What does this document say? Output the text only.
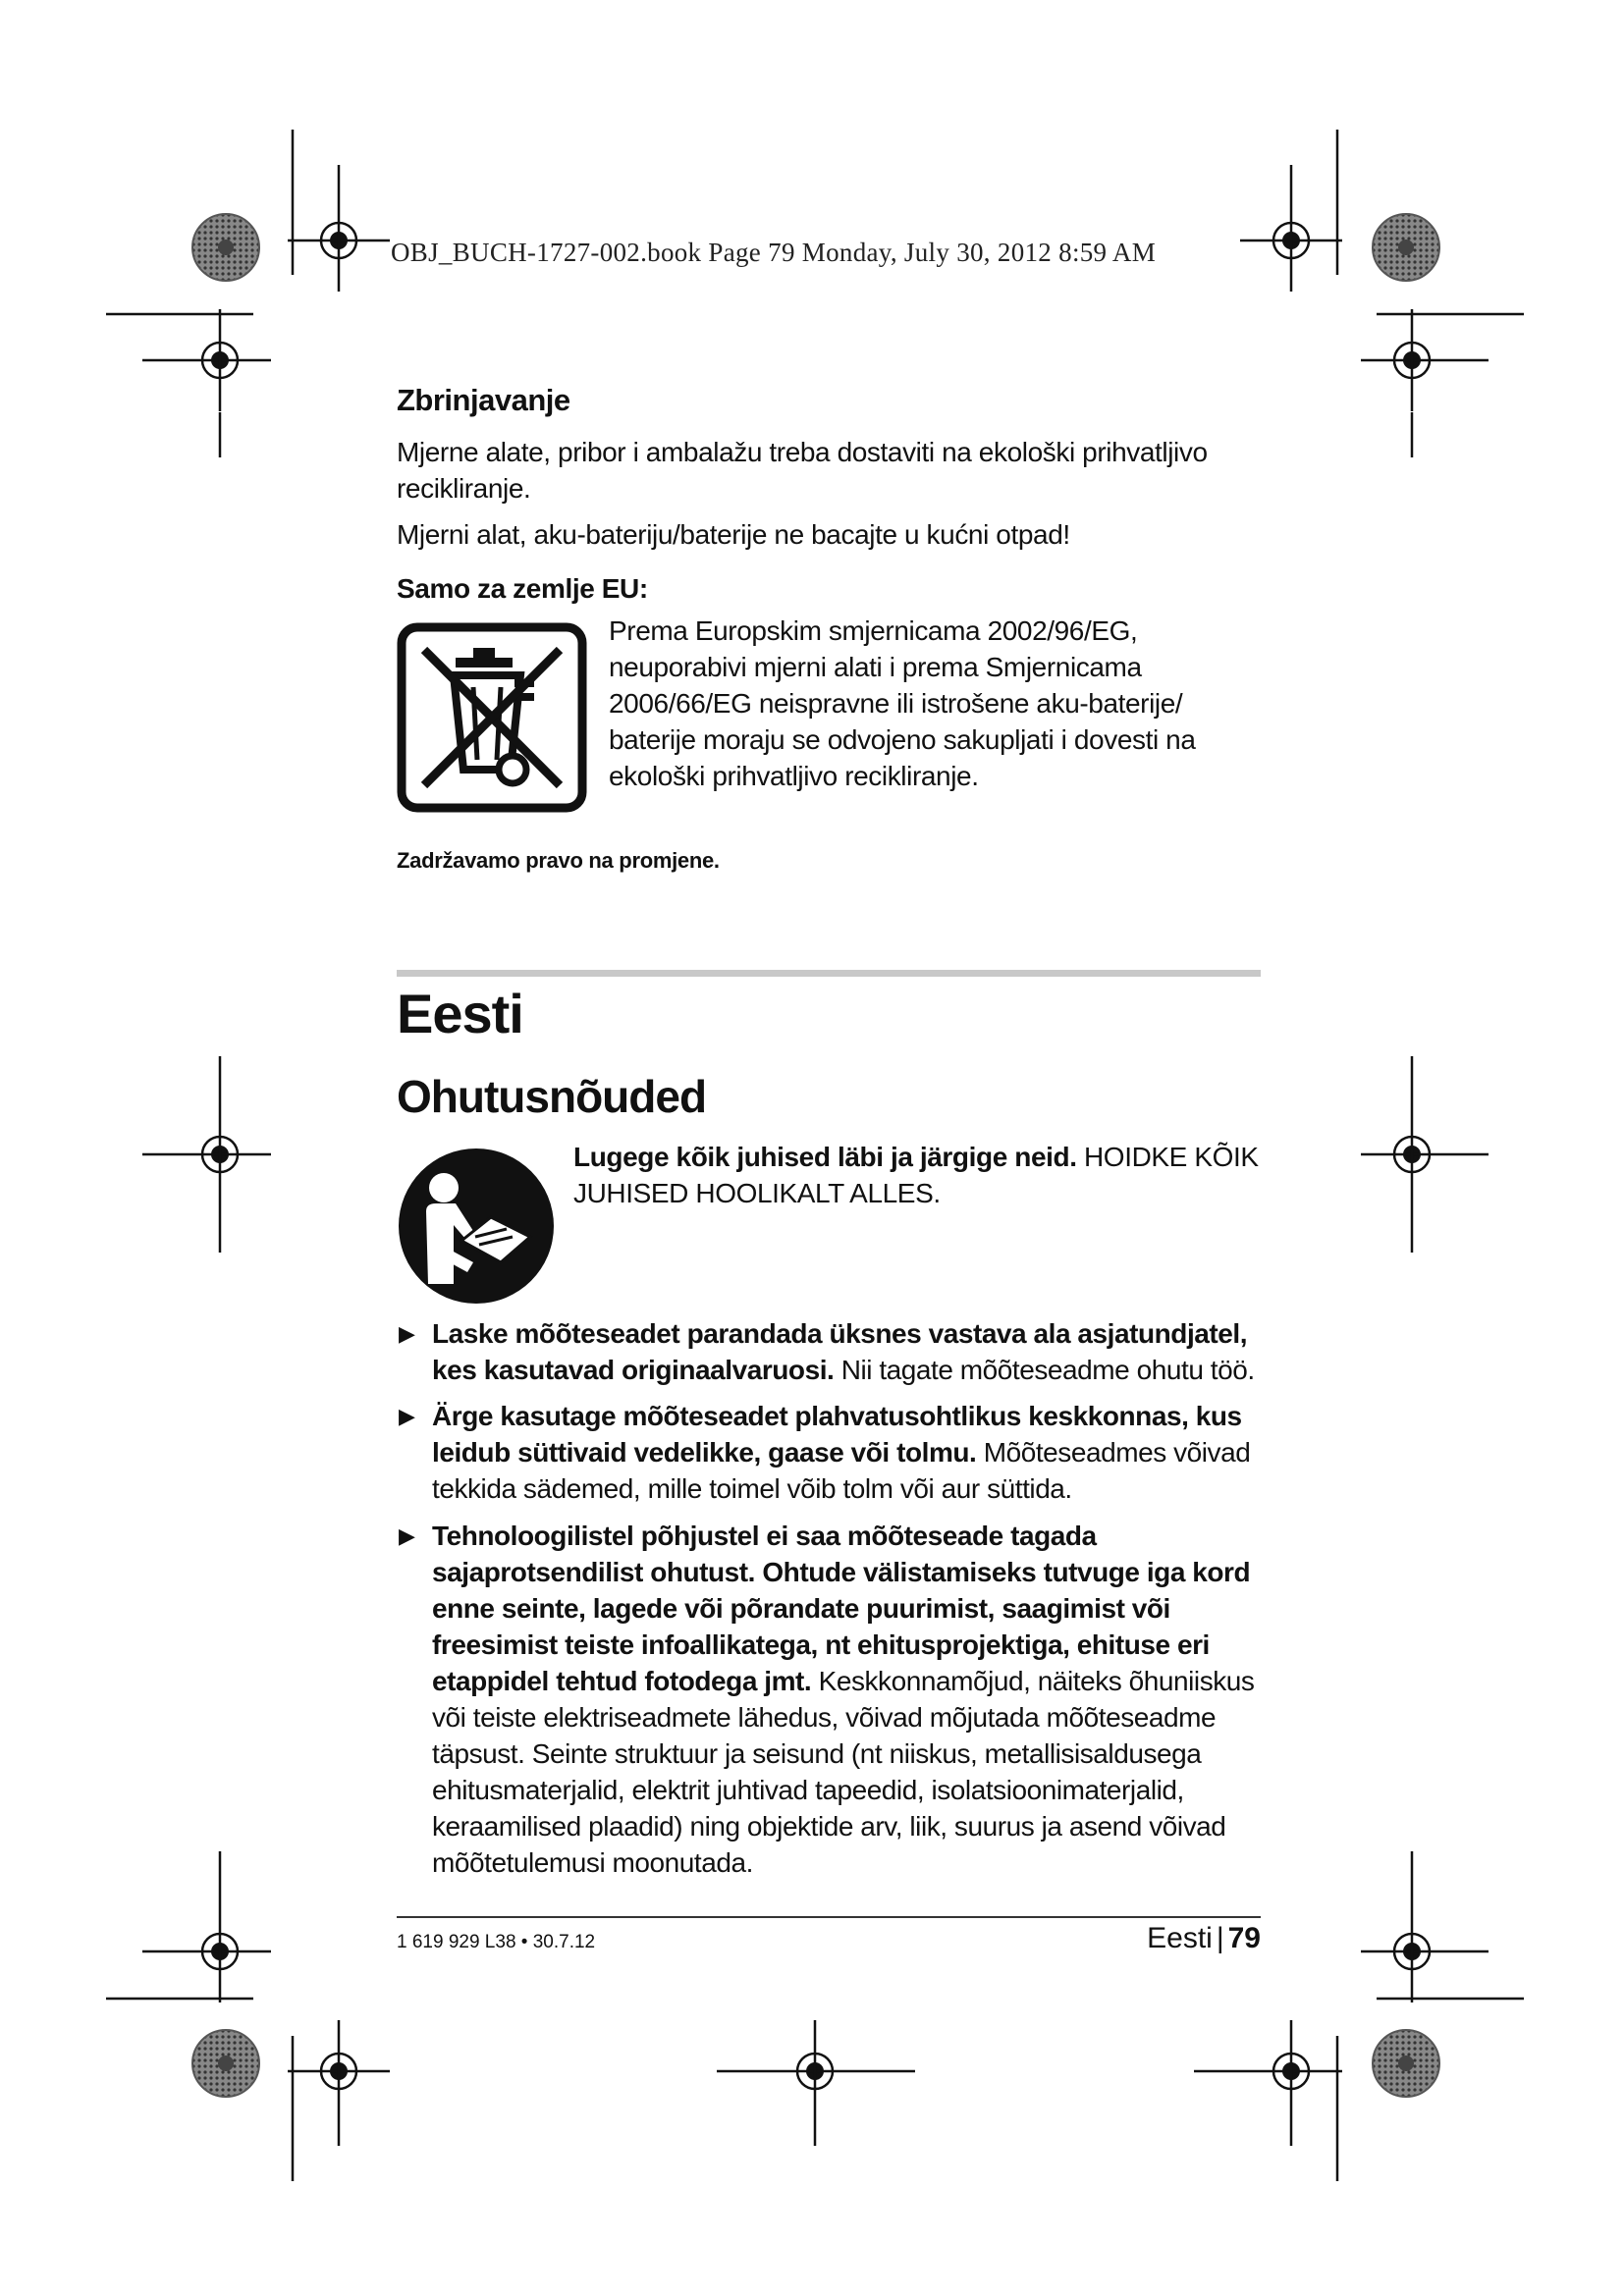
OBJ_BUCH-1727-002.book Page 79 Monday, July 30, 2012 8:59 AM
Zbrinjavanje

Mjerne alate, pribor i ambalažu treba dostaviti na ekološki prihvatljivo recikliranje.

Mjerni alat, aku-bateriju/baterije ne bacajte u kućni otpad!

Samo za zemlje EU:

Prema Europskim smjernicama 2002/96/EG, neuporabivi mjerni alati i prema Smjernicama 2006/66/EG neispravne ili istrošene aku-baterije/ baterije moraju se odvojeno sakupljati i dovesti na ekološki prihvatljivo recikliranje.

Zadržavamo pravo na promjene.
Eesti
Ohutusnõuded

Lugege kõik juhised läbi ja järgige neid. HOIDKE KÕIK JUHISED HOOLIKALT ALLES.

▶ Laske mõõteseadet parandada üksnes vastava ala asjatundjatel, kes kasutavad originaalvaruosi. Nii tagate mõõteseadme ohutu töö.
▶ Ärge kasutage mõõteseadet plahvatusohtlikus keskkonnas, kus leidub süttivaid vedelikke, gaase või tolmu. Mõõteseadmes võivad tekkida sädemed, mille toimel võib tolm või aur süttida.
▶ Tehnoloogilistel põhjustel ei saa mõõteseade tagada sajaprotsendilist ohutust. Ohtude välistamiseks tutvuge iga kord enne seinte, lagede või põrandate puurimist, saagimist või freesimist teiste infoallikatega, nt ehitusprojektiga, ehituse eri etappidel tehtud fotodega jmt. Keskkonnamõjud, näiteks õhuniiskus või teiste elektriseadmete lähedus, võivad mõjutada mõõteseadme täpsust. Seinte struktuur ja seisund (nt niiskus, metallisisaldusega ehitusmaterjalid, elektrit juhtivad tapeedid, isolatsioonimaterjalid, keraamilised plaadid) ning objektide arv, liik, suurus ja asend võivad mõõtetulemusi moonutada.
1 619 929 L38 • 30.7.12	Eesti | 79
